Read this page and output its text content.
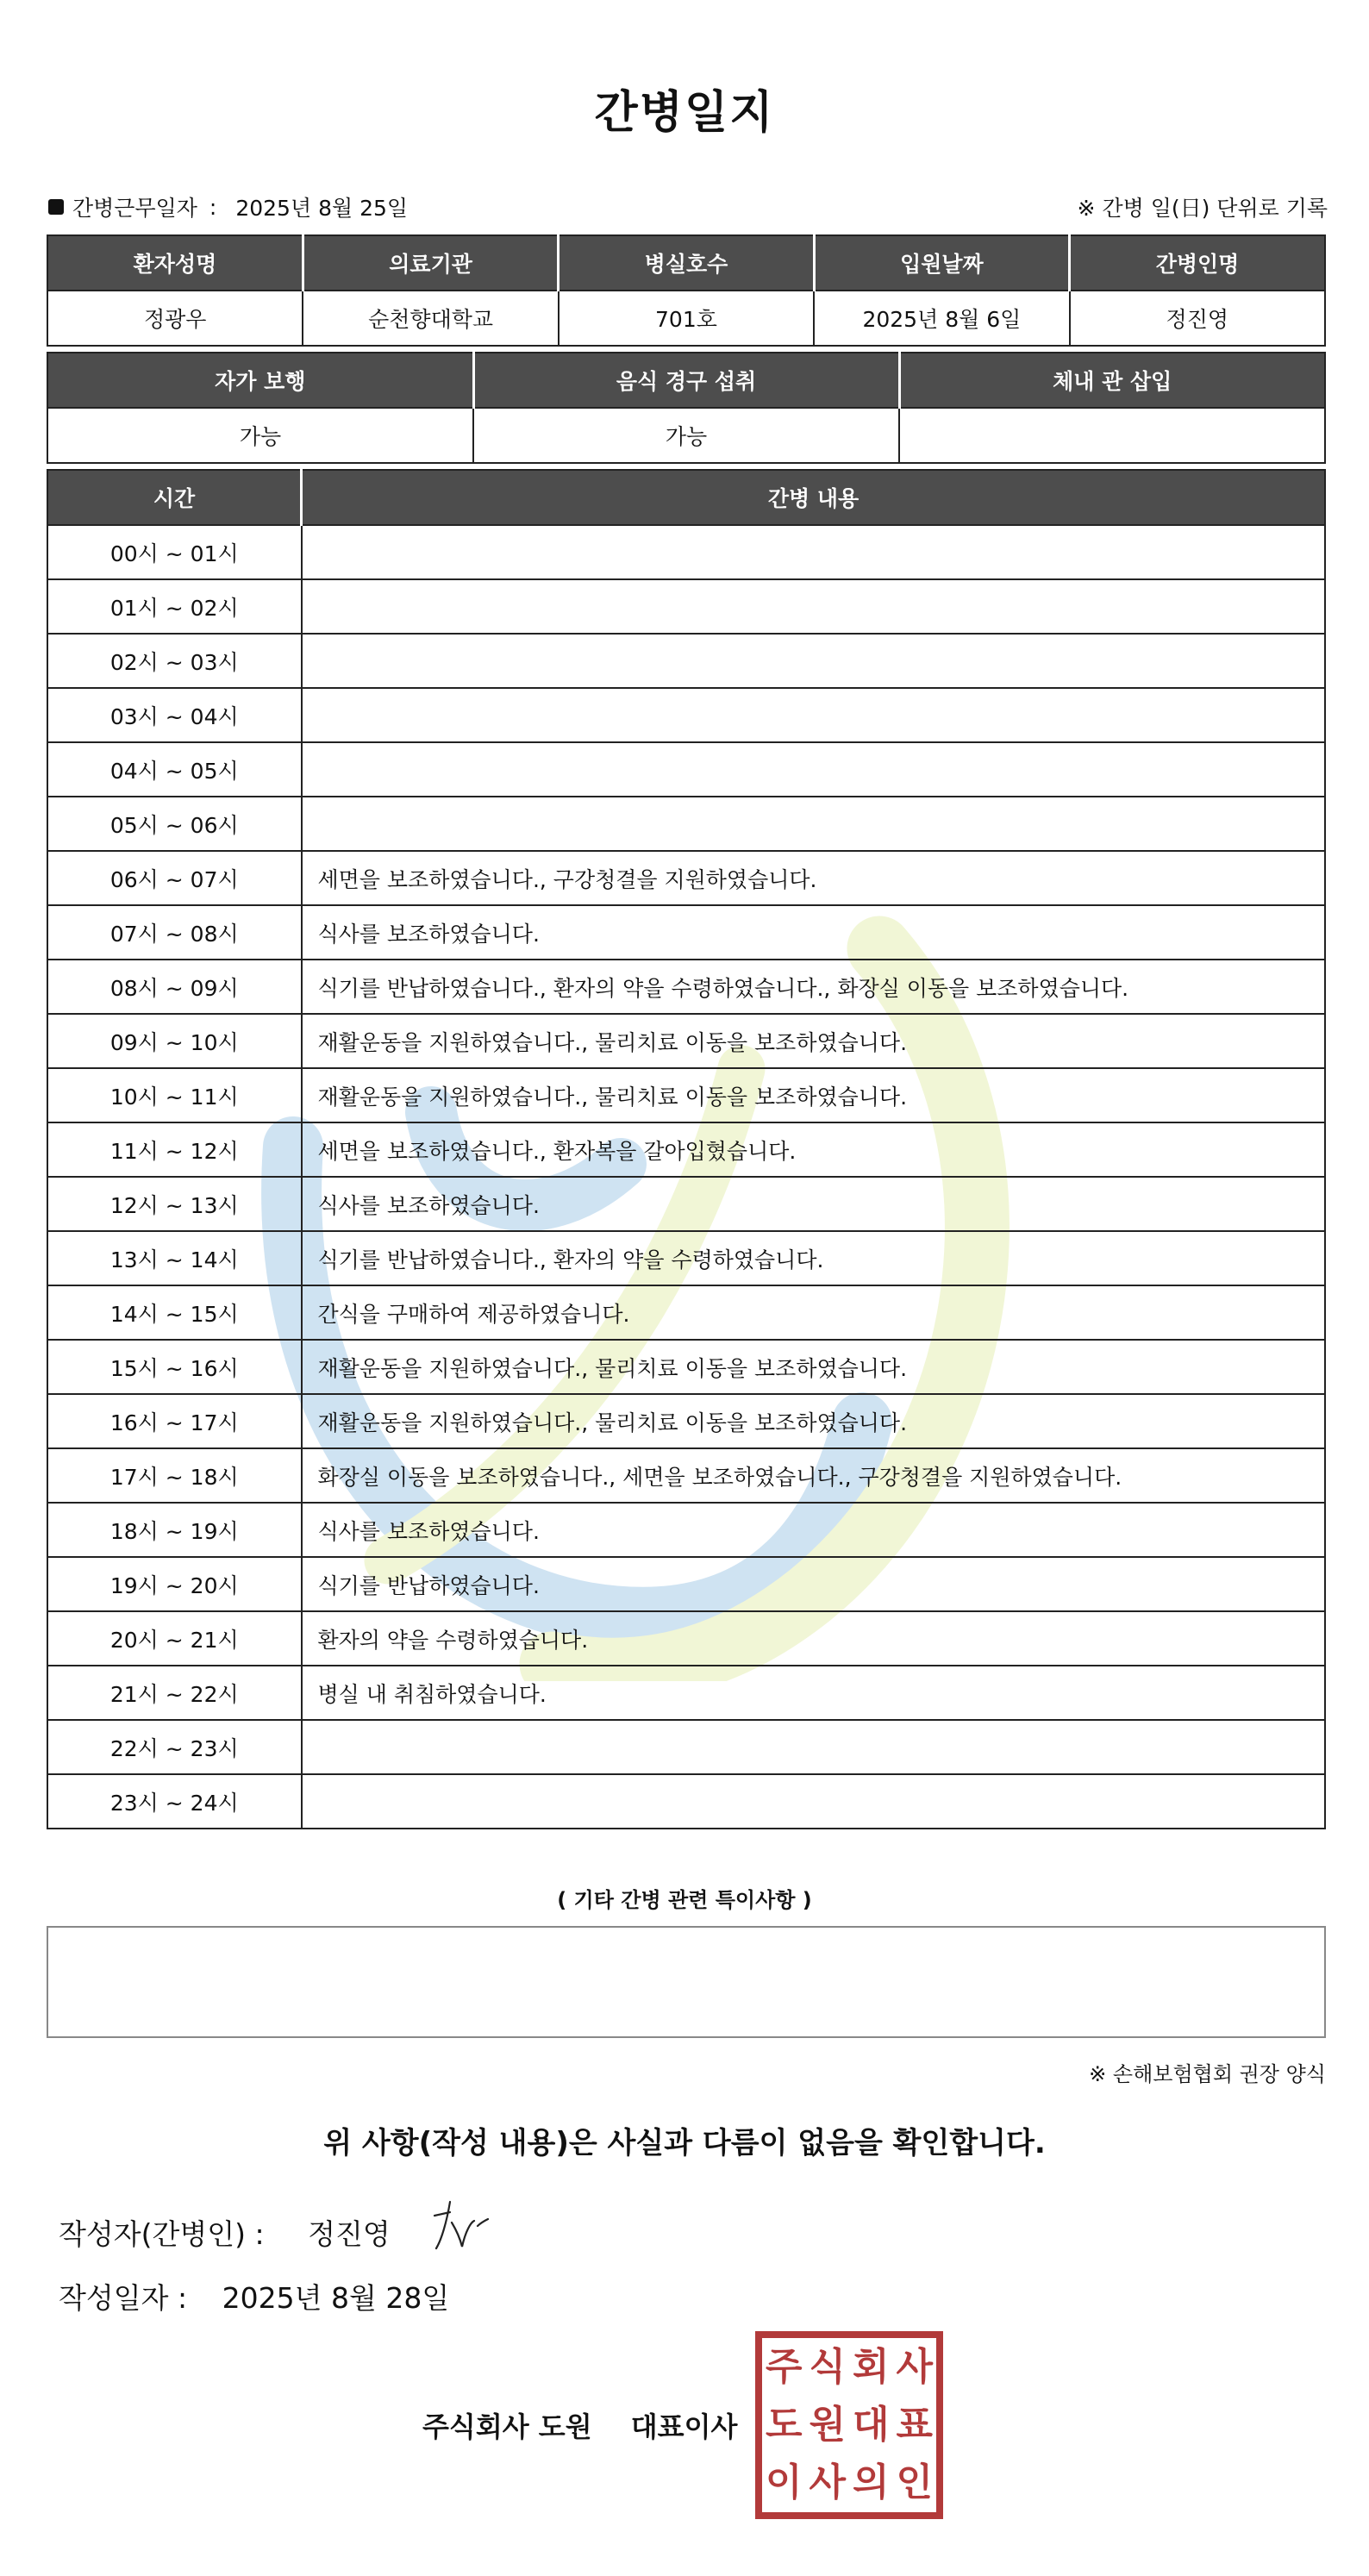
간병일지
간병근무일자 : 2025년 8월 25일	※ 간병 일(日) 단위로 기록
환자성명	의료기관	병실호수	입원날짜	간병인명
정광우	순천향대학교	701호	2025년 8월 6일	정진영
자가 보행	음식 경구 섭취	체내 관 삽입
가능	가능	
시간	간병 내용
00시 ~ 01시	
01시 ~ 02시	
02시 ~ 03시	
03시 ~ 04시	
04시 ~ 05시	
05시 ~ 06시	
06시 ~ 07시	세면을 보조하였습니다., 구강청결을 지원하였습니다.
07시 ~ 08시	식사를 보조하였습니다.
08시 ~ 09시	식기를 반납하였습니다., 환자의 약을 수령하였습니다., 화장실 이동을 보조하였습니다.
09시 ~ 10시	재활운동을 지원하였습니다., 물리치료 이동을 보조하였습니다.
10시 ~ 11시	재활운동을 지원하였습니다., 물리치료 이동을 보조하였습니다.
11시 ~ 12시	세면을 보조하였습니다., 환자복을 갈아입혔습니다.
12시 ~ 13시	식사를 보조하였습니다.
13시 ~ 14시	식기를 반납하였습니다., 환자의 약을 수령하였습니다.
14시 ~ 15시	간식을 구매하여 제공하였습니다.
15시 ~ 16시	재활운동을 지원하였습니다., 물리치료 이동을 보조하였습니다.
16시 ~ 17시	재활운동을 지원하였습니다., 물리치료 이동을 보조하였습니다.
17시 ~ 18시	화장실 이동을 보조하였습니다., 세면을 보조하였습니다., 구강청결을 지원하였습니다.
18시 ~ 19시	식사를 보조하였습니다.
19시 ~ 20시	식기를 반납하였습니다.
20시 ~ 21시	환자의 약을 수령하였습니다.
21시 ~ 22시	병실 내 취침하였습니다.
22시 ~ 23시	
23시 ~ 24시	
( 기타 간병 관련 특이사항 )
※ 손해보험협회 권장 양식
위 사항(작성 내용)은 사실과 다름이 없음을 확인합니다.
작성자(간병인) : 정진영
작성일자 : 2025년 8월 28일
주식회사 도원 대표이사
주 식 회 사
도 원 대 표
이 사 의 인
